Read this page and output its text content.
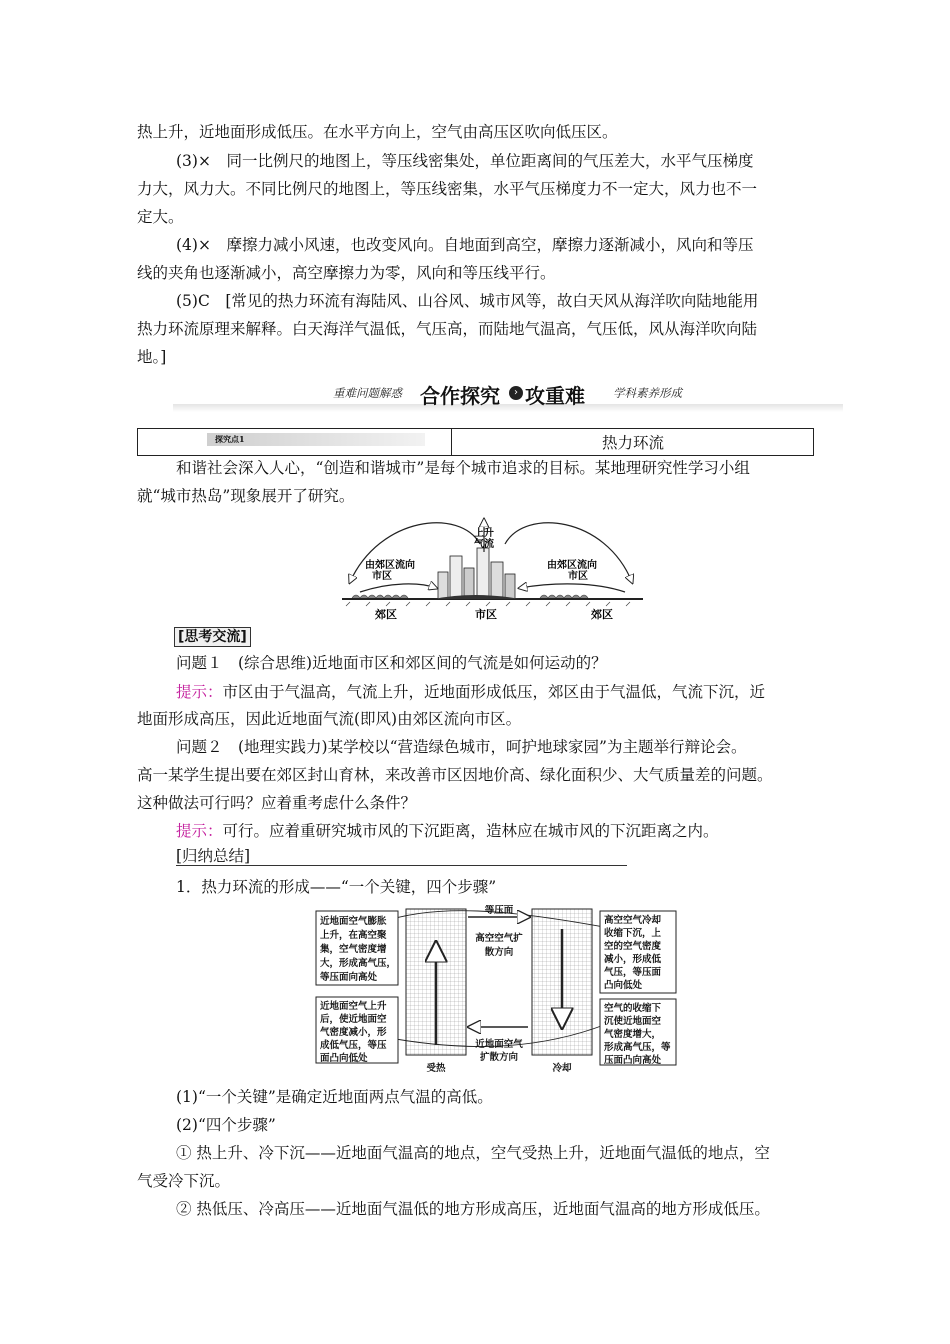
热上升，近地面形成低压。在水平方向上，空气由高压区吹向低压区。
(3)×　同一比例尺的地图上，等压线密集处，单位距离间的气压差大，水平气压梯度
力大，风力大。不同比例尺的地图上，等压线密集，水平气压梯度力不一定大，风力也不一
定大。
(4)×　摩擦力减小风速，也改变风向。自地面到高空，摩擦力逐渐减小，风向和等压
线的夹角也逐渐减小，高空摩擦力为零，风向和等压线平行。
(5)C　[常见的热力环流有海陆风、山谷风、城市风等，故白天风从海洋吹向陆地能用
热力环流原理来解释。白天海洋气温低，气压高，而陆地气温高，气压低，风从海洋吹向陆
地。]
重难问题解惑 合作探究	› 攻重难 学科素养形成
探究点1	热力环流
和谐社会深入人心，“创造和谐城市”是每个城市追求的目标。某地理研究性学习小组
就“城市热岛”现象展开了研究。
上升
气流
由郊区流向
市区
由郊区流向
市区
郊区	市区	郊区
[思考交流]
问题１　(综合思维)近地面市区和郊区间的气流是如何运动的？
提示：市区由于气温高，气流上升，近地面形成低压，郊区由于气温低，气流下沉，近
地面形成高压，因此近地面气流(即风)由郊区流向市区。
问题２　(地理实践力)某学校以“营造绿色城市，呵护地球家园”为主题举行辩论会。
高一某学生提出要在郊区封山育林，来改善市区因地价高、绿化面积少、大气质量差的问题。
这种做法可行吗？应着重考虑什么条件？
提示：可行。应着重研究城市风的下沉距离，造林应在城市风的下沉距离之内。
[归纳总结]
1．热力环流的形成——“一个关键，四个步骤”
近地面空气膨胀
上升，在高空聚
集，空气密度增
大，形成高气压，
等压面向高处
高空空气冷却
收缩下沉，上
空的空气密度
减小，形成低
气压，等压面
凸向低处
近地面空气上升
后，使近地面空
气密度减小，形
成低气压，等压
面凸向低处
空气的收缩下
沉使近地面空
气密度增大，
形成高气压，等
压面凸向高处
等压面
高空空气扩
散方向
近地面空气
扩散方向
受热	冷却
(1)“一个关键”是确定近地面两点气温的高低。
(2)“四个步骤”
① 热上升、冷下沉——近地面气温高的地点，空气受热上升，近地面气温低的地点，空
气受冷下沉。
② 热低压、冷高压——近地面气温低的地方形成高压，近地面气温高的地方形成低压。
